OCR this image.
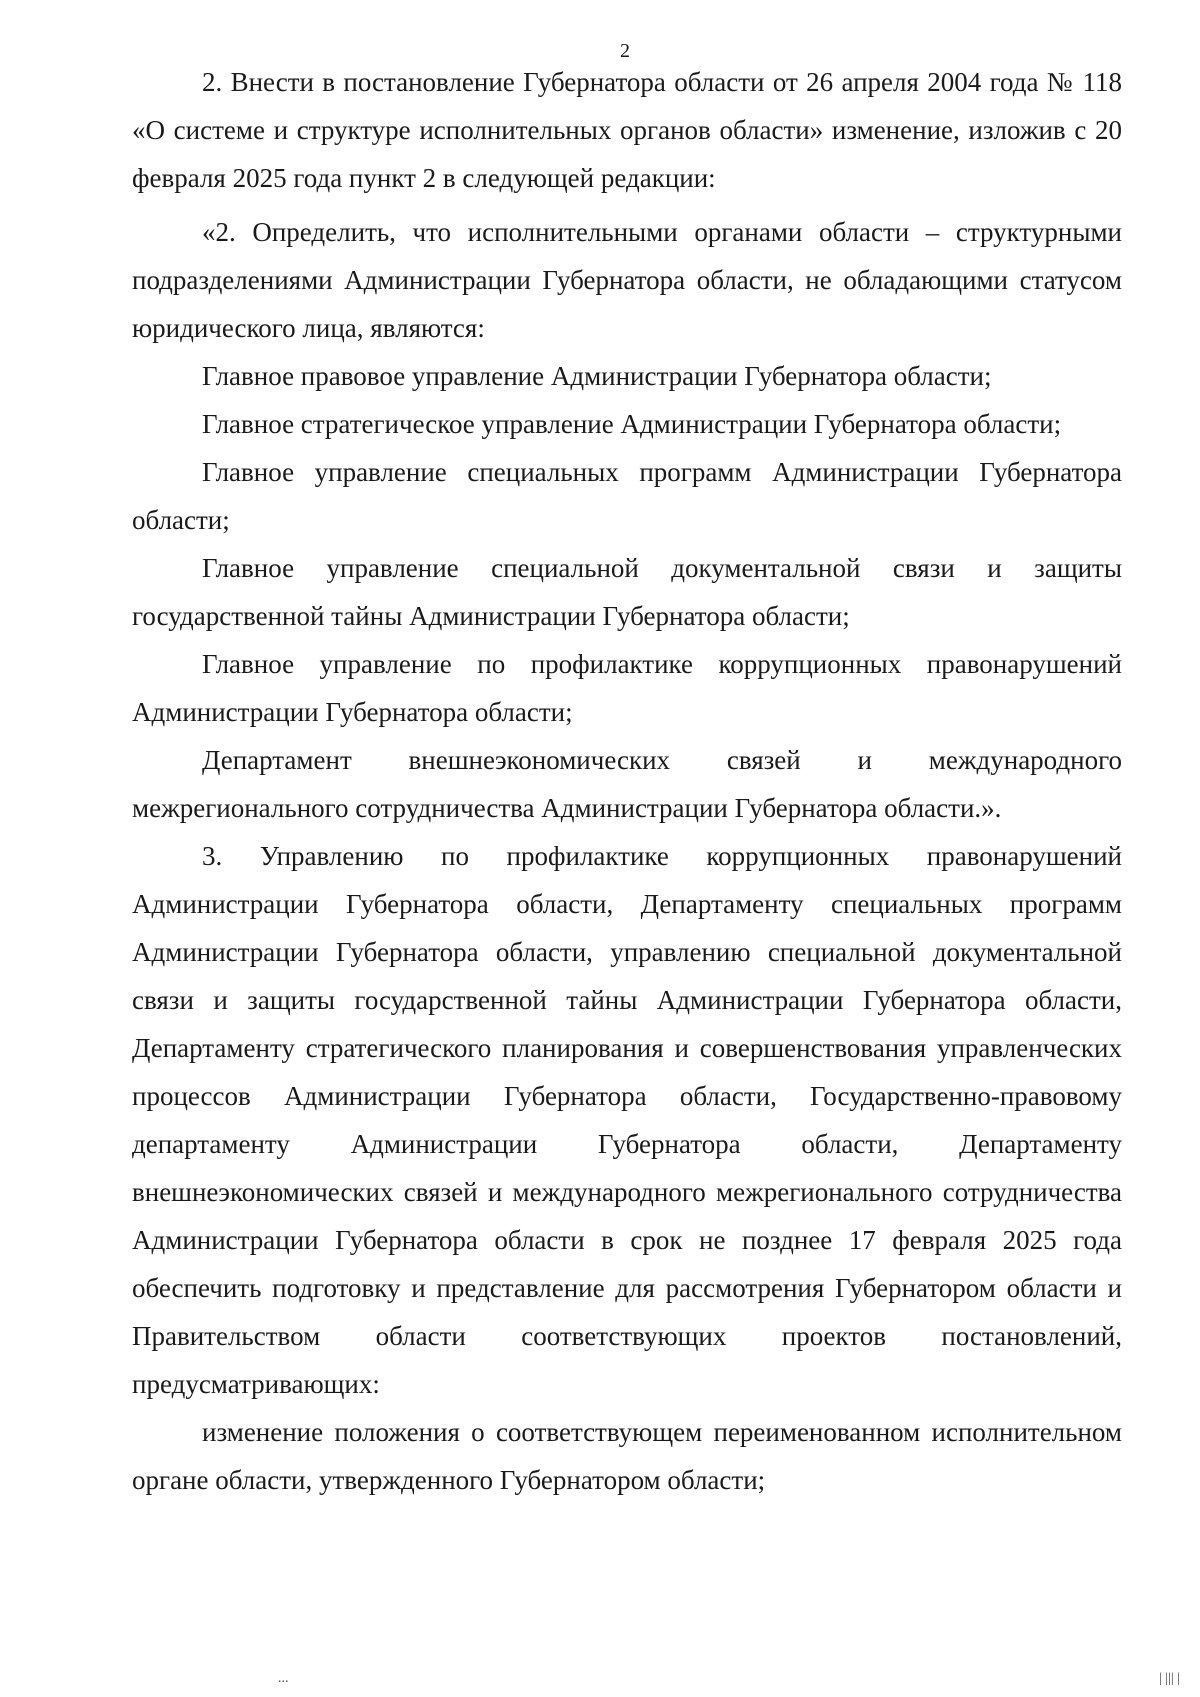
2

2. Внести в постановление Губернатора области от 26 апреля 2004 года № 118 «О системе и структуре исполнительных органов области» изменение, изложив с 20 февраля 2025 года пункт 2 в следующей редакции:

«2. Определить, что исполнительными органами области – структурными подразделениями Администрации Губернатора области, не обладающими статусом юридического лица, являются:

Главное правовое управление Администрации Губернатора области;

Главное стратегическое управление Администрации Губернатора области;

Главное управление специальных программ Администрации Губернатора области;

Главное управление специальной документальной связи и защиты государственной тайны Администрации Губернатора области;

Главное управление по профилактике коррупционных правонарушений Администрации Губернатора области;

Департамент внешнеэкономических связей и международного межрегионального сотрудничества Администрации Губернатора области.».

3. Управлению по профилактике коррупционных правонарушений Администрации Губернатора области, Департаменту специальных программ Администрации Губернатора области, управлению специальной документальной связи и защиты государственной тайны Администрации Губернатора области, Департаменту стратегического планирования и совершенствования управленческих процессов Администрации Губернатора области, Государственно-правовому департаменту Администрации Губернатора области, Департаменту внешнеэкономических связей и международного межрегионального сотрудничества Администрации Губернатора области в срок не позднее 17 февраля 2025 года обеспечить подготовку и представление для рассмотрения Губернатором области и Правительством области соответствующих проектов постановлений, предусматривающих:

изменение положения о соответствующем переименованном исполнительном органе области, утвержденного Губернатором области;

...	| ||| |
